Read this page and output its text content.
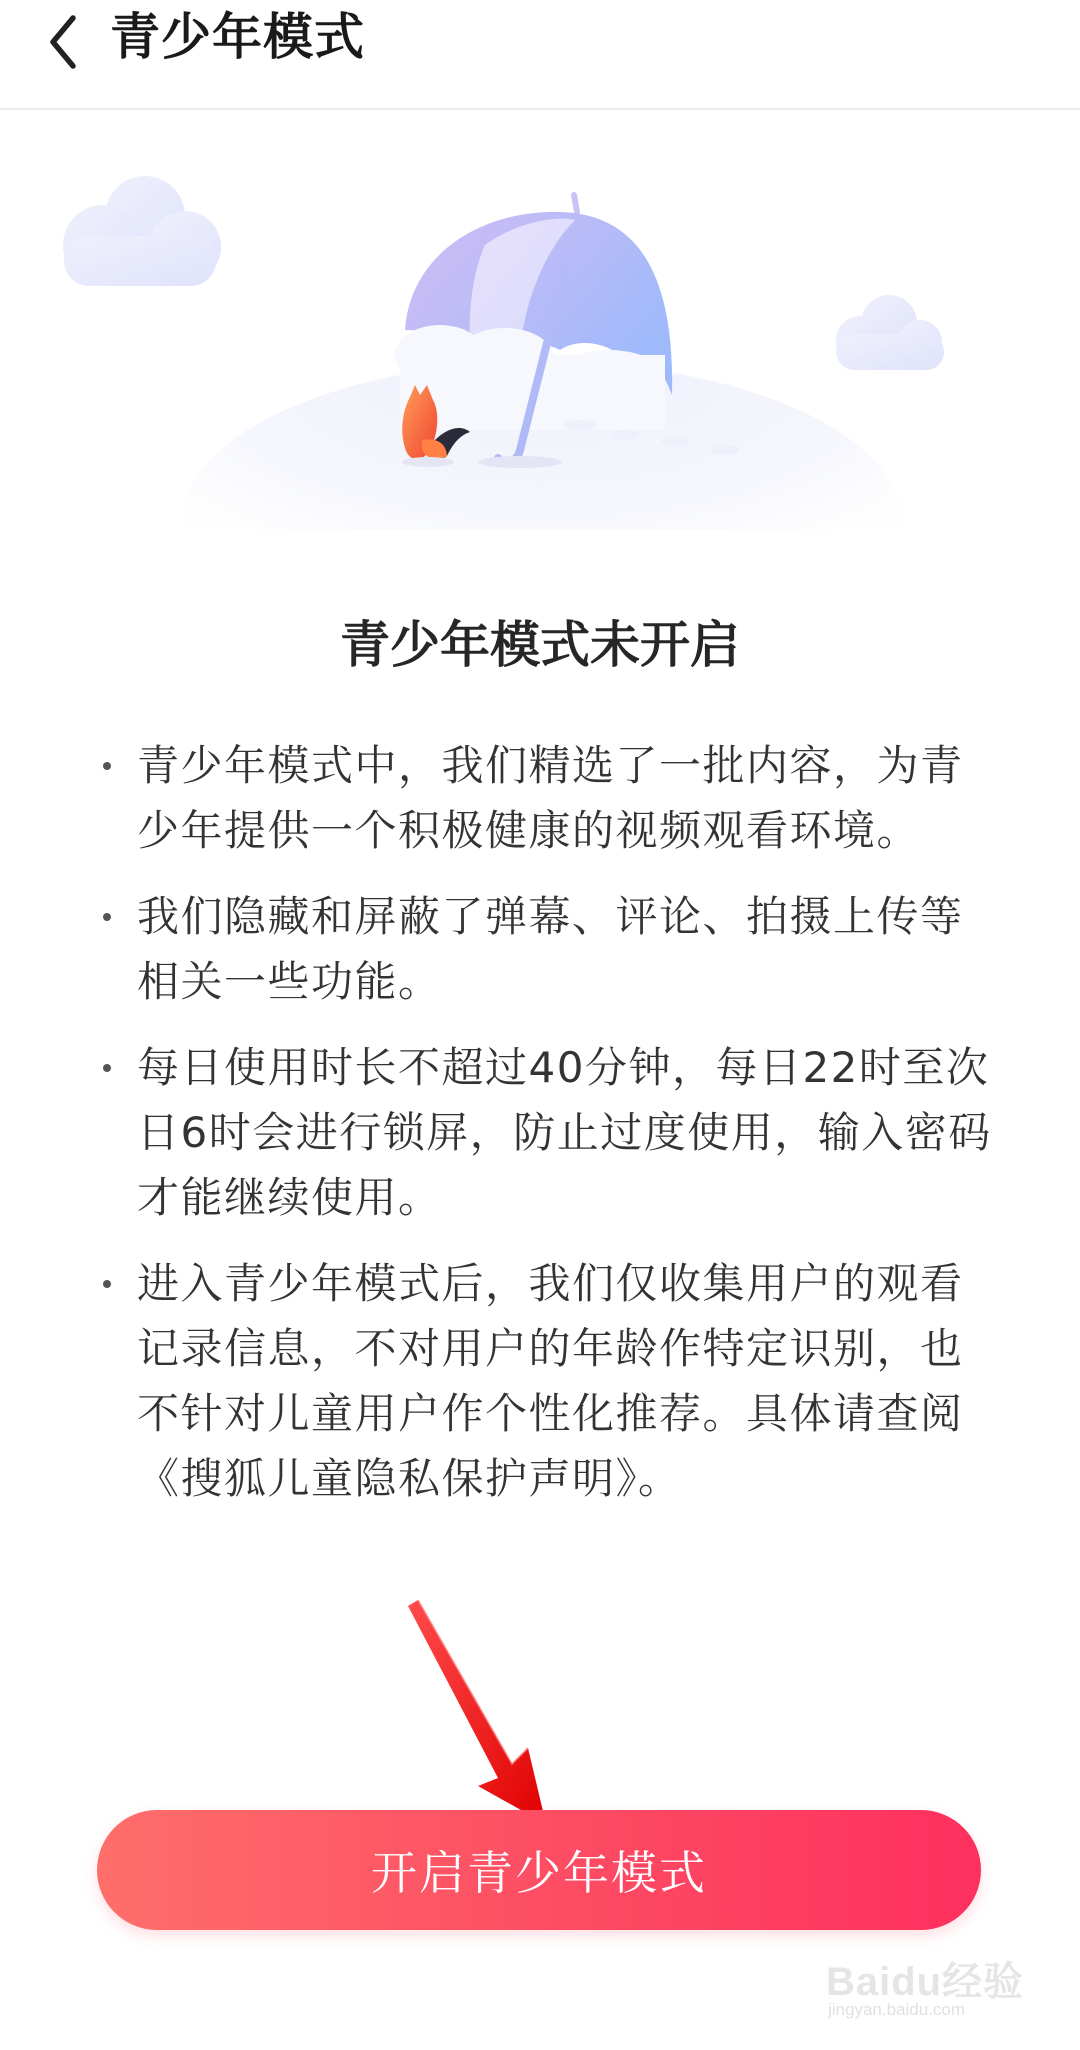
青少年模式
青少年模式未开启
青少年模式中，我们精选了一批内容，为青少年提供一个积极健康的视频观看环境。
我们隐藏和屏蔽了弹幕、评论、拍摄上传等相关一些功能。
每日使用时长不超过40分钟，每日22时至次日6时会进行锁屏，防止过度使用，输入密码才能继续使用。
进入青少年模式后，我们仅收集用户的观看记录信息，不对用户的年龄作特定识别，也不针对儿童用户作个性化推荐。具体请查阅《搜狐儿童隐私保护声明》。
开启青少年模式
Baidu经验
jingyan.baidu.com
